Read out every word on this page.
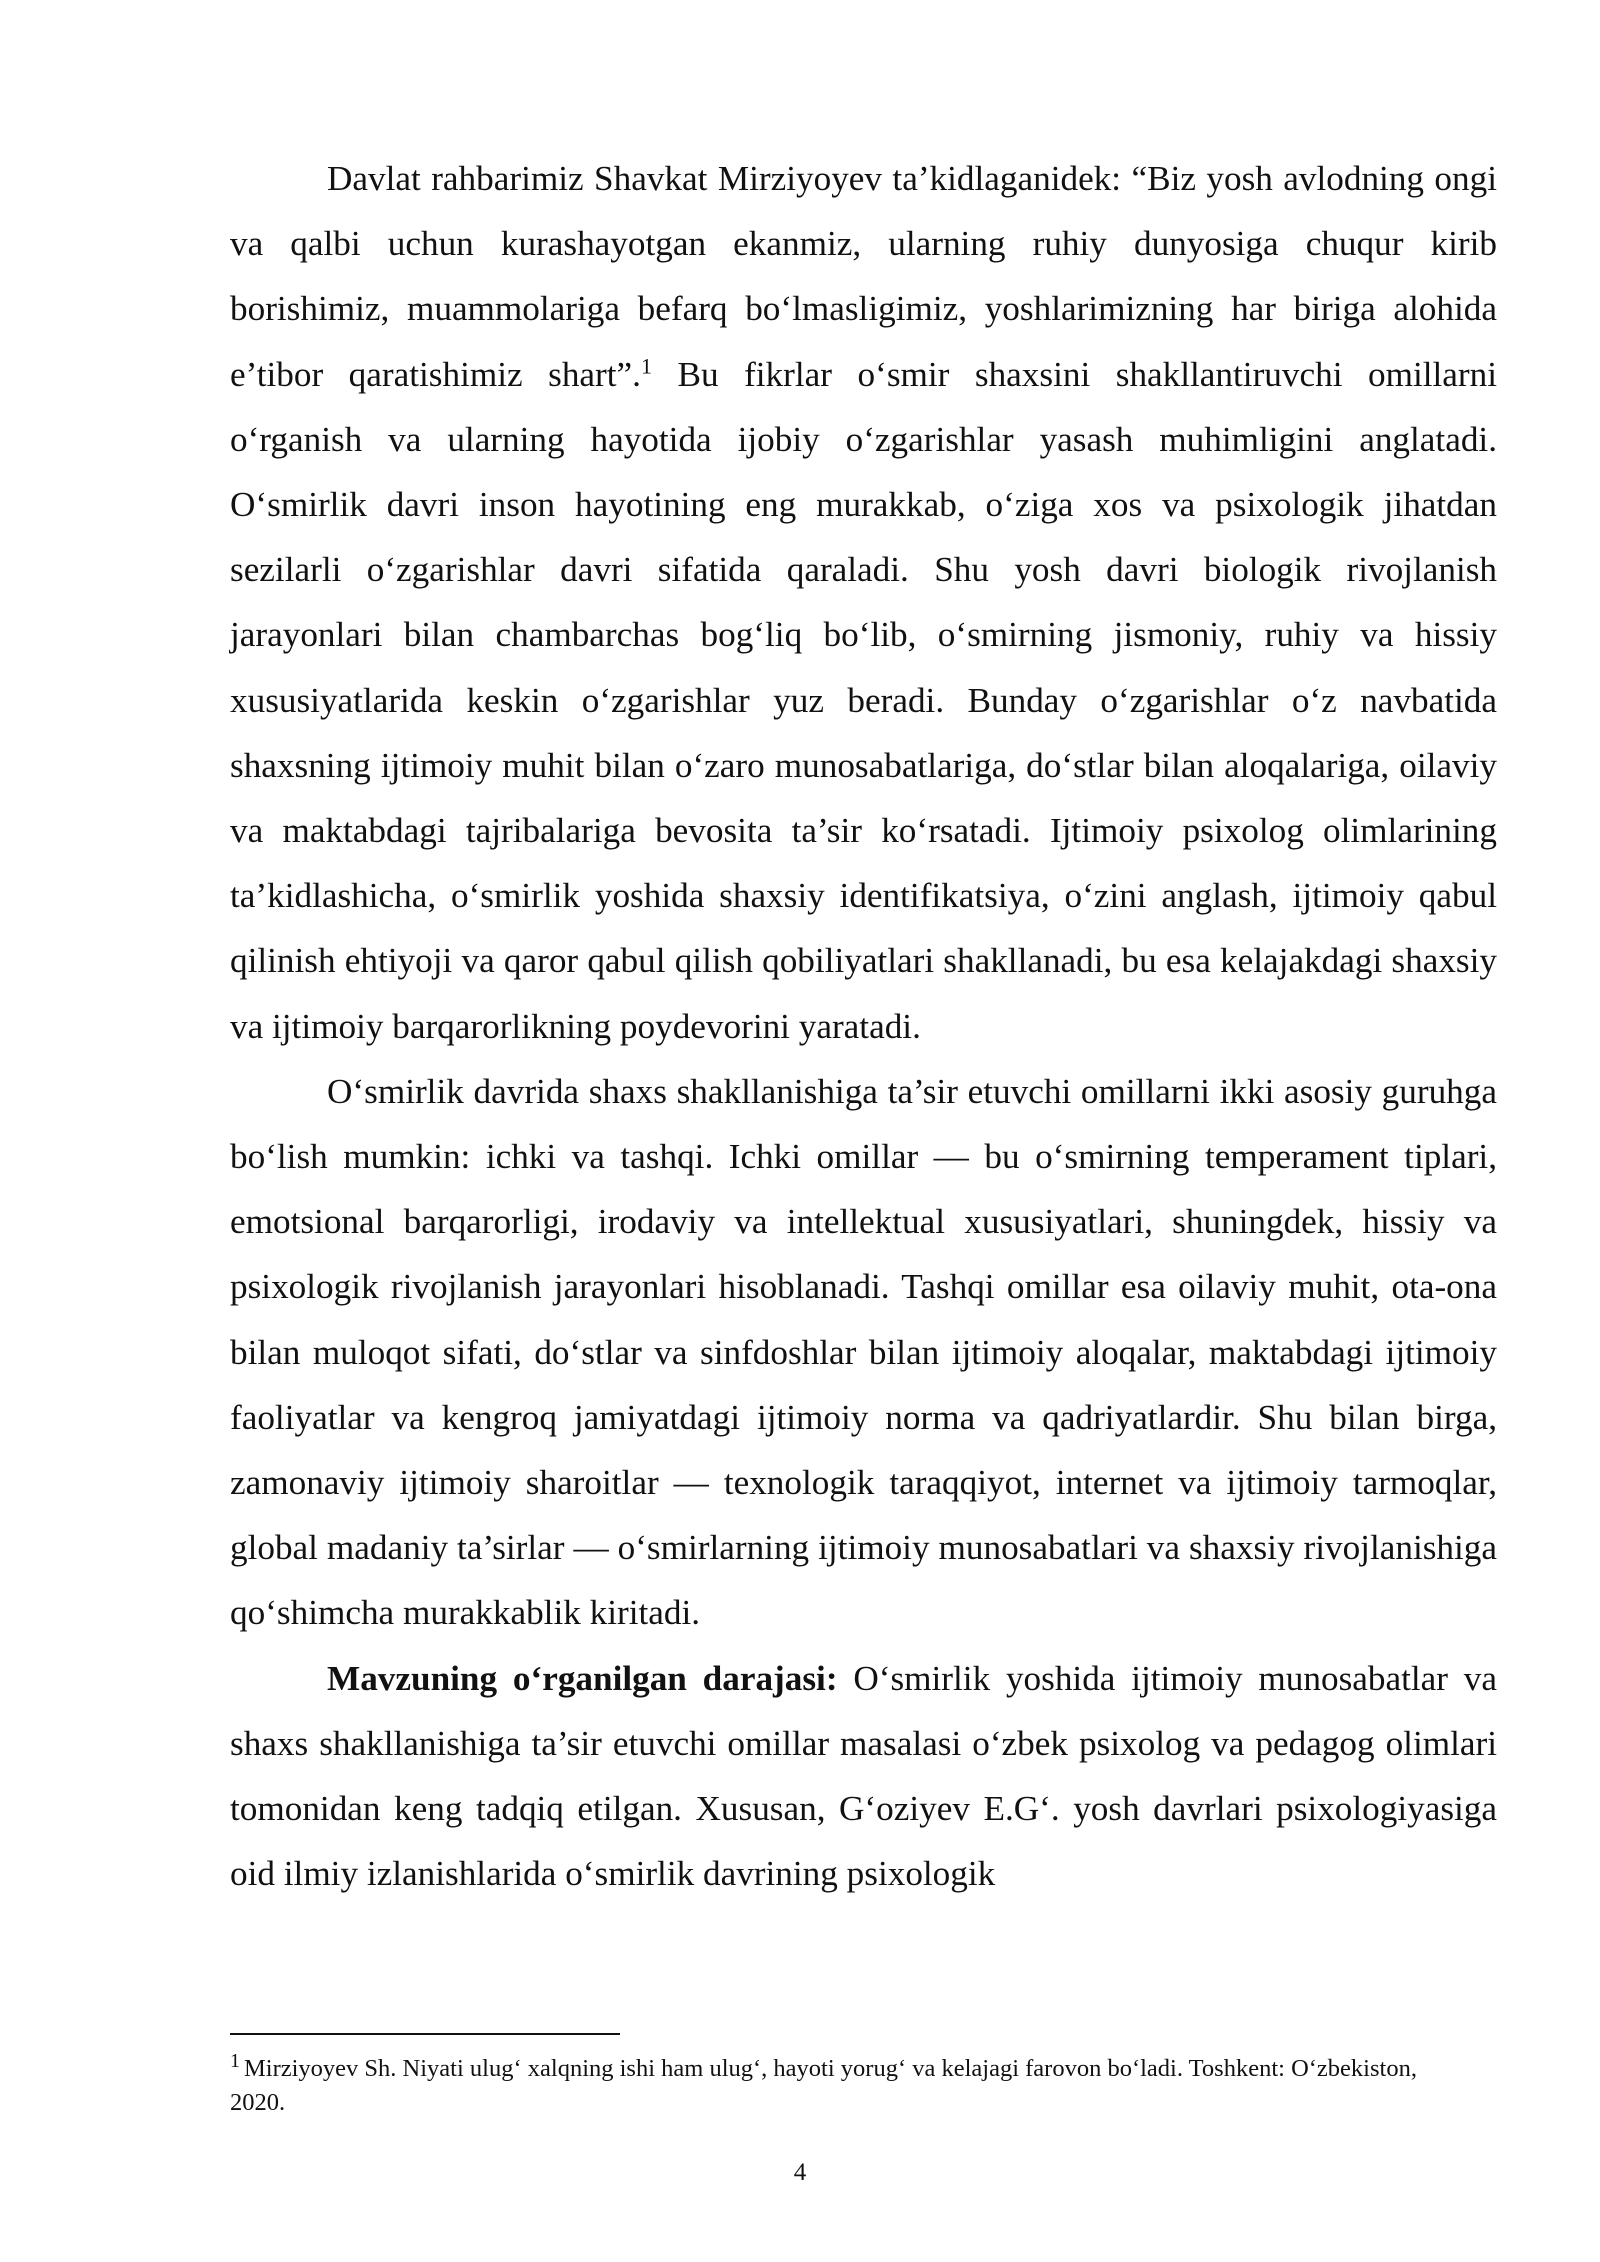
Davlat rahbarimiz Shavkat Mirziyoyev ta’kidlaganidek: “Biz yosh avlodning ongi va qalbi uchun kurashayotgan ekanmiz, ularning ruhiy dunyosiga chuqur kirib borishimiz, muammolariga befarq bo‘lmasligimiz, yoshlarimizning har biriga alohida e’tibor qaratishimiz shart”.$^1$ Bu fikrlar o‘smir shaxsini shakllantiruvchi omillarni o‘rganish va ularning hayotida ijobiy o‘zgarishlar yasash muhimligini anglatadi. O‘smirlik davri inson hayotining eng murakkab, o‘ziga xos va psixologik jihatdan sezilarli o‘zgarishlar davri sifatida qaraladi. Shu yosh davri biologik rivojlanish jarayonlari bilan chambarchas bog‘liq bo‘lib, o‘smirning jismoniy, ruhiy va hissiy xususiyatlarida keskin o‘zgarishlar yuz beradi. Bunday o‘zgarishlar o‘z navbatida shaxsning ijtimoiy muhit bilan o‘zaro munosabatlariga, do‘stlar bilan aloqalariga, oilaviy va maktabdagi tajribalariga bevosita ta’sir ko‘rsatadi. Ijtimoiy psixolog olimlarining ta’kidlashicha, o‘smirlik yoshida shaxsiy identifikatsiya, o‘zini anglash, ijtimoiy qabul qilinish ehtiyoji va qaror qabul qilish qobiliyatlari shakllanadi, bu esa kelajakdagi shaxsiy va ijtimoiy barqarorlikning poydevorini yaratadi.

O‘smirlik davrida shaxs shakllanishiga ta’sir etuvchi omillarni ikki asosiy guruhga bo‘lish mumkin: ichki va tashqi. Ichki omillar — bu o‘smirning temperament tiplari, emotsional barqarorligi, irodaviy va intellektual xususiyatlari, shuningdek, hissiy va psixologik rivojlanish jarayonlari hisoblanadi. Tashqi omillar esa oilaviy muhit, ota-ona bilan muloqot sifati, do‘stlar va sinfdoshlar bilan ijtimoiy aloqalar, maktabdagi ijtimoiy faoliyatlar va kengroq jamiyatdagi ijtimoiy norma va qadriyatlardir. Shu bilan birga, zamonaviy ijtimoiy sharoitlar — texnologik taraqqiyot, internet va ijtimoiy tarmoqlar, global madaniy ta’sirlar — o‘smirlarning ijtimoiy munosabatlari va shaxsiy rivojlanishiga qo‘shimcha murakkablik kiritadi.

Mavzuning o‘rganilgan darajasi: O‘smirlik yoshida ijtimoiy munosabatlar va shaxs shakllanishiga ta’sir etuvchi omillar masalasi o‘zbek psixolog va pedagog olimlari tomonidan keng tadqiq etilgan. Xususan, G‘oziyev E.G‘. yosh davrlari psixologiyasiga oid ilmiy izlanishlarida o‘smirlik davrining psixologik

$^1$ Mirziyoyev Sh. Niyati ulug‘ xalqning ishi ham ulug‘, hayoti yorug‘ va kelajagi farovon bo‘ladi. Toshkent: O‘zbekiston, 2020.

4
